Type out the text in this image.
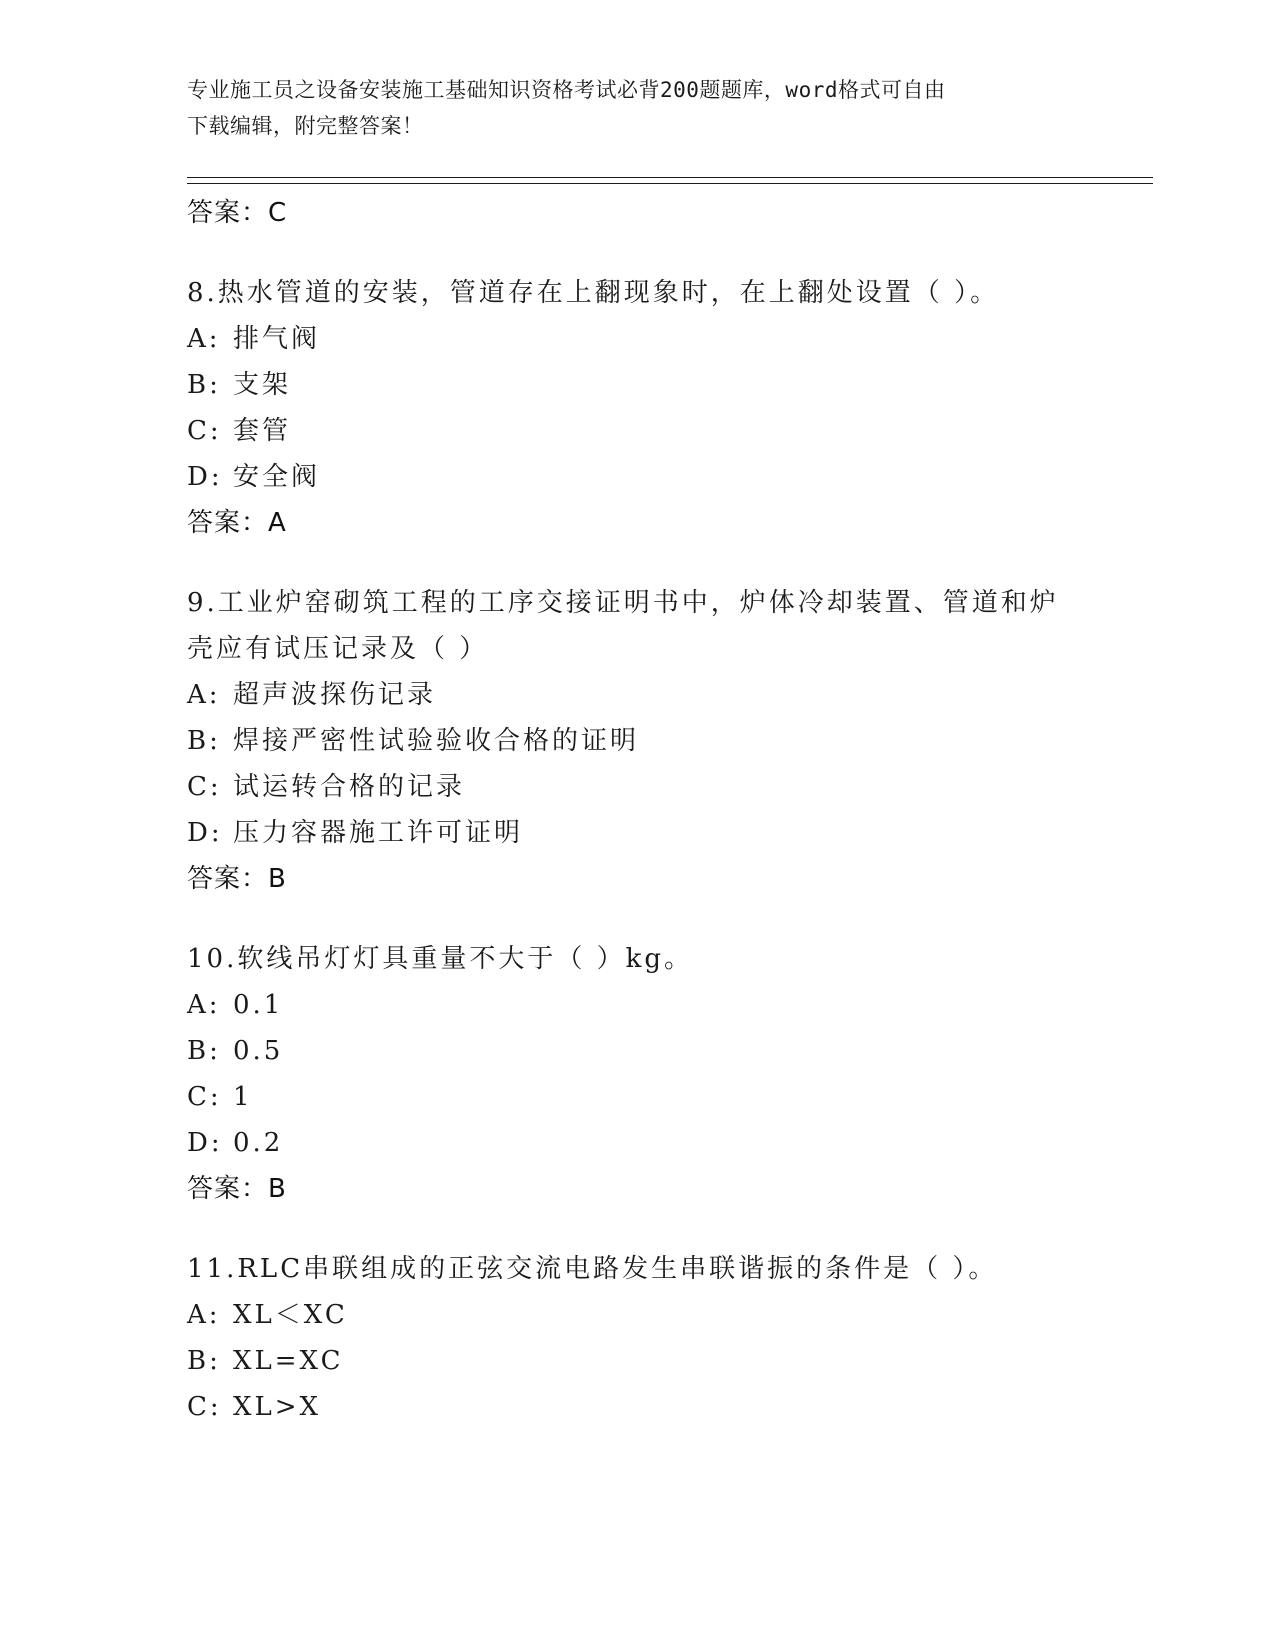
专业施工员之设备安装施工基础知识资格考试必背200题题库，word格式可自由
下载编辑，附完整答案！
答案：C
8.热水管道的安装，管道存在上翻现象时，在上翻处设置（ ）。
A: 排气阀
B: 支架
C: 套管
D: 安全阀
答案：A
9.工业炉窑砌筑工程的工序交接证明书中，炉体冷却装置、管道和炉
壳应有试压记录及（ ）
A: 超声波探伤记录
B: 焊接严密性试验验收合格的证明
C: 试运转合格的记录
D: 压力容器施工许可证明
答案：B
10.软线吊灯灯具重量不大于（ ）kg。
A: 0.1
B: 0.5
C: 1
D: 0.2
答案：B
11.RLC串联组成的正弦交流电路发生串联谐振的条件是（ ）。
A: XL＜XC
B: XL=XC
C: XL>X
